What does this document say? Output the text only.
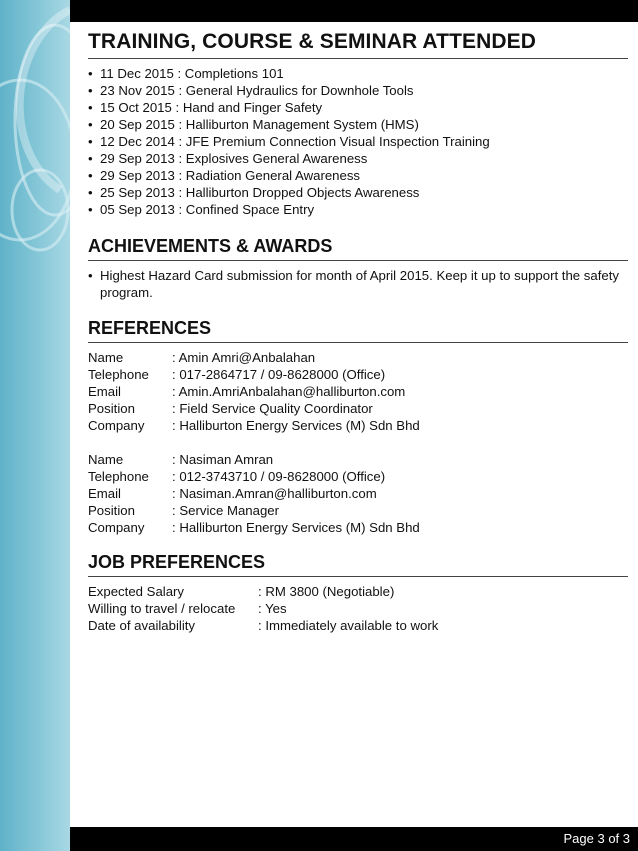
TRAINING, COURSE & SEMINAR ATTENDED
• 11 Dec 2015 : Completions 101
• 23 Nov 2015 : General Hydraulics for Downhole Tools
• 15 Oct 2015 : Hand and Finger Safety
• 20 Sep 2015 : Halliburton Management System (HMS)
• 12 Dec 2014 : JFE Premium Connection Visual Inspection Training
• 29 Sep 2013 : Explosives General Awareness
• 29 Sep 2013 : Radiation General Awareness
• 25 Sep 2013 : Halliburton Dropped Objects Awareness
• 05 Sep 2013 : Confined Space Entry
ACHIEVEMENTS & AWARDS
• Highest Hazard Card submission for month of April 2015. Keep it up to support the safety program.
REFERENCES
Name	: Amin Amri@Anbalahan
Telephone	: 017-2864717 / 09-8628000 (Office)
Email	: Amin.AmriAnbalahan@halliburton.com
Position	: Field Service Quality Coordinator
Company	: Halliburton Energy Services (M) Sdn Bhd
Name	: Nasiman Amran
Telephone	: 012-3743710 / 09-8628000 (Office)
Email	: Nasiman.Amran@halliburton.com
Position	: Service Manager
Company	: Halliburton Energy Services (M) Sdn Bhd
JOB PREFERENCES
Expected Salary	: RM 3800 (Negotiable)
Willing to travel / relocate	: Yes
Date of availability	: Immediately available to work
Page 3 of 3
